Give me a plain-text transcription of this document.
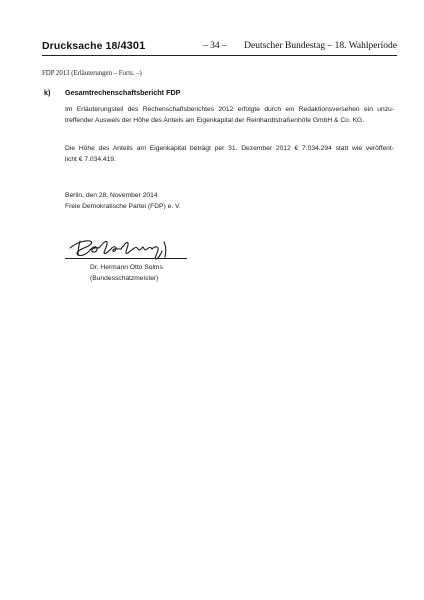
Drucksache 18/4301	– 34 – Deutscher Bundestag – 18. Wahlperiode
FDP 2013 (Erläuterungen – Forts. –)
k) Gesamtrechenschaftsbericht FDP
Im Erläuterungsteil des Rechenschaftsberichtes 2012 erfolgte durch ein Redaktionsversehen ein unzu-
treffender Ausweis der Höhe des Anteils am Eigenkapital der Reinhardtstraßenhöfe GmbH & Co. KG.
Die Höhe des Anteils am Eigenkapital beträgt per 31. Dezember 2012 € 7.034.294 statt wie veröffent-
licht € 7.034.419.
Berlin, den 28. November 2014
Freie Demokratische Partei (FDP) e. V.
Dr. Hermann Otto Solms
(Bundesschatzmeister)
